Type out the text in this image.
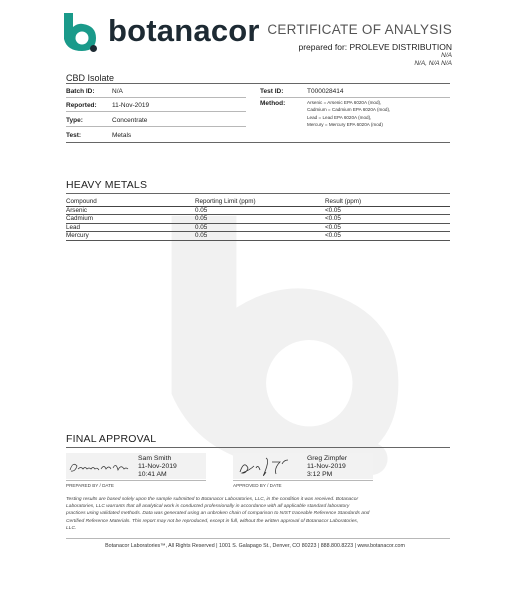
botanacor CERTIFICATE OF ANALYSIS
prepared for: PROLEVE DISTRIBUTION
N/A
N/A, N/A N/A
CBD Isolate
Batch ID:	N/A
Reported: 11-Nov-2019
Type:	Concentrate
Test:	Metals
Test ID:	T000028414
Method:	Arsenic = Arsenic EPA 6020A (mod),
Cadmium = Cadmium EPA 6020A (mod),
Lead = Lead EPA 6020A (mod),
Mercury = Mercury EPA 6020A (mod)
HEAVY METALS
Compound	Reporting Limit (ppm)	Result (ppm)
Arsenic	0.05	<0.05
Cadmium	0.05	<0.05
Lead	0.05	<0.05
Mercury	0.05	<0.05
FINAL APPROVAL
Sam Smith
11-Nov-2019
10:41 AM
PREPARED BY / DATE
Greg Zimpfer
11-Nov-2019
3:12 PM
APPROVED BY / DATE
Testing results are based solely upon the sample submitted to Botanacor Laboratories, LLC, in the condition it was received. Botanacor
Laboratories, LLC warrants that all analytical work is conducted professionally in accordance with all applicable standard laboratory
practices using validated methods. Data was generated using an unbroken chain of comparison to NIST traceable Reference Standards and
Certified Reference Materials. This report may not be reproduced, except in full, without the written approval of Botanacor Laboratories,
LLC.
Botanacor Laboratories™, All Rights Reserved | 1001 S. Galapago St., Denver, CO 80223 | 888.800.8223 | www.botanacor.com
